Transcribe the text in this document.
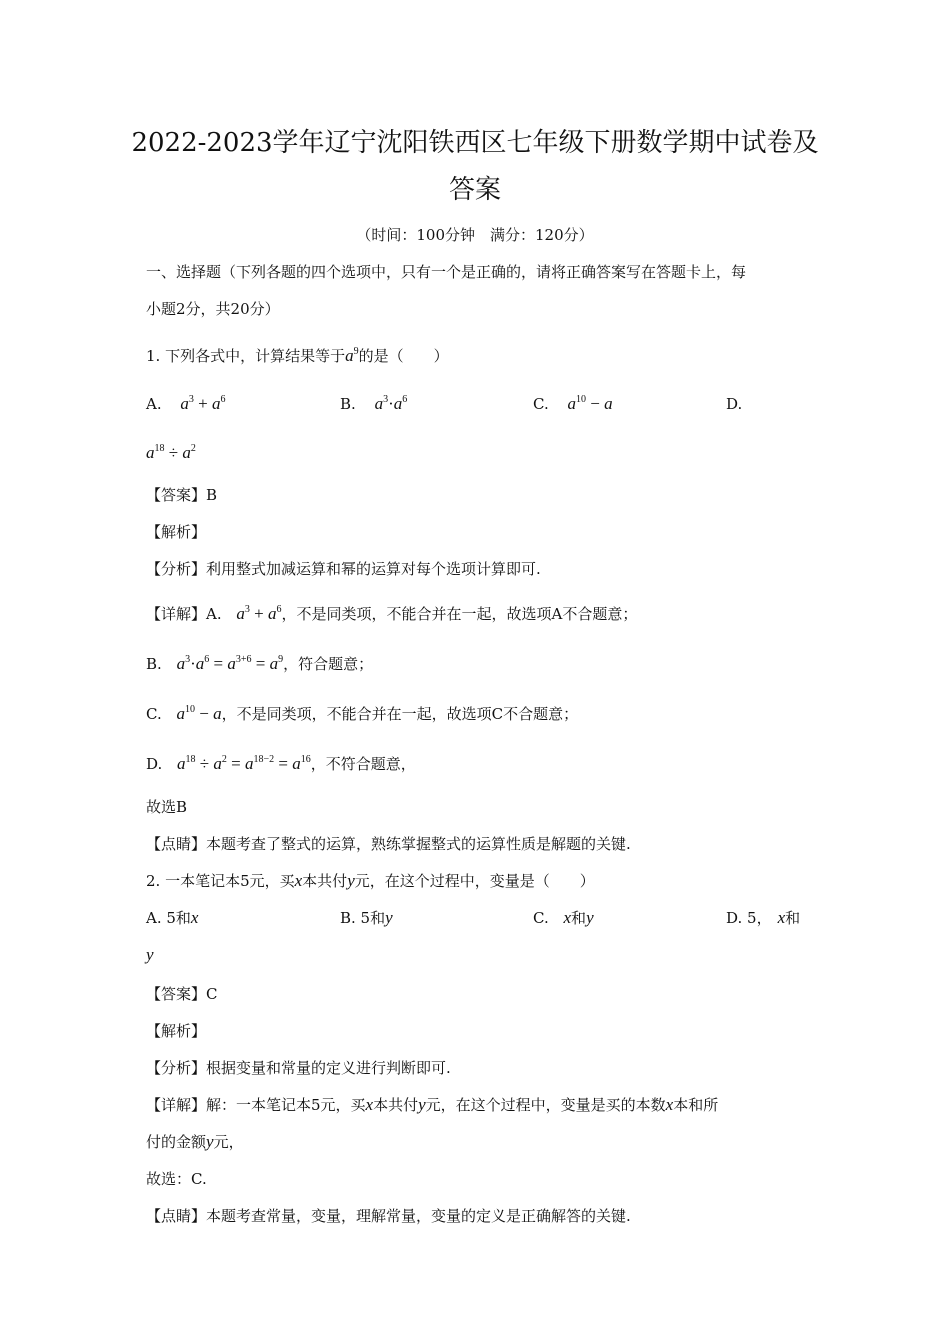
2022-2023学年辽宁沈阳铁西区七年级下册数学期中试卷及
答案
（时间：100分钟　满分：120分）
一、选择题（下列各题的四个选项中，只有一个是正确的，请将正确答案写在答题卡上，每
小题2分，共20分）
1. 下列各式中，计算结果等于$a^9$的是（　　）
A. $a^3 + a^6$	B. $a^3\cdot a^6$	C. $a^{10} - a$	D.
$a^{18} \div a^2$
【答案】B
【解析】
【分析】利用整式加减运算和幂的运算对每个选项计算即可.
【详解】A. $a^3 + a^6$，不是同类项，不能合并在一起，故选项A不合题意；
B. $a^3\cdot a^6 = a^{3+6} = a^9$，符合题意；
C. $a^{10} - a$，不是同类项，不能合并在一起，故选项C不合题意；
D. $a^{18} \div a^2 = a^{18-2} = a^{16}$，不符合题意，
故选B
【点睛】本题考查了整式的运算，熟练掌握整式的运算性质是解题的关键.
2. 一本笔记本5元，买x本共付y元，在这个过程中，变量是（　　）
A. 5和x	B. 5和y	C. x和y	D. 5， x和
y
【答案】C
【解析】
【分析】根据变量和常量的定义进行判断即可.
【详解】解：一本笔记本5元，买x本共付y元，在这个过程中，变量是买的本数x本和所
付的金额y元，
故选：C.
【点睛】本题考查常量，变量，理解常量，变量的定义是正确解答的关键.
